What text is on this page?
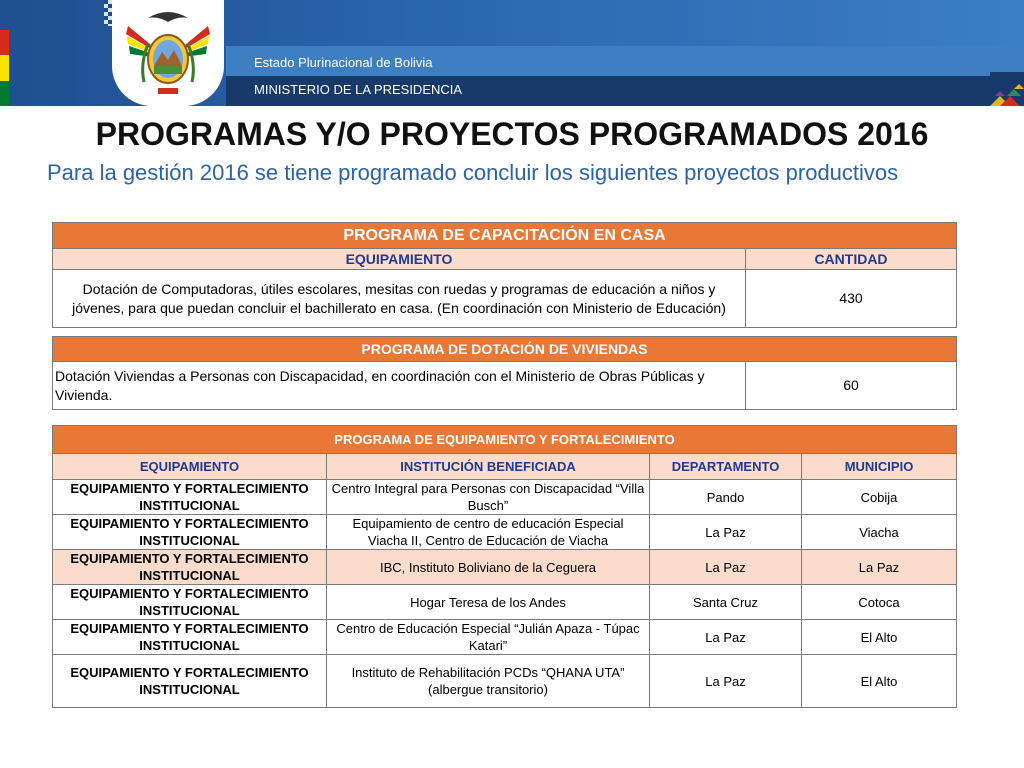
Estado Plurinacional de Bolivia
MINISTERIO DE LA PRESIDENCIA
PROGRAMAS Y/O PROYECTOS PROGRAMADOS 2016
Para la gestión 2016 se tiene programado concluir los siguientes proyectos productivos
PROGRAMA DE CAPACITACIÓN EN CASA	
EQUIPAMIENTO	CANTIDAD
Dotación de Computadoras, útiles escolares, mesitas con ruedas y programas de educación a niños y jóvenes, para que puedan concluir el bachillerato en casa. (En coordinación con Ministerio de Educación)	430
PROGRAMA DE DOTACIÓN DE VIVIENDAS
Dotación Viviendas a Personas con Discapacidad, en coordinación con el Ministerio de Obras Públicas y Vivienda.	60
PROGRAMA DE EQUIPAMIENTO Y FORTALECIMIENTO			
EQUIPAMIENTO	INSTITUCIÓN BENEFICIADA	DEPARTAMENTO	MUNICIPIO
EQUIPAMIENTO Y FORTALECIMIENTO INSTITUCIONAL	Centro Integral para Personas con Discapacidad “Villa Busch”	Pando	Cobija
EQUIPAMIENTO Y FORTALECIMIENTO INSTITUCIONAL	Equipamiento de centro de educación Especial Viacha II, Centro de Educación de Viacha	La Paz	Viacha
EQUIPAMIENTO Y FORTALECIMIENTO INSTITUCIONAL	IBC, Instituto Boliviano de la Ceguera	La Paz	La Paz
EQUIPAMIENTO Y FORTALECIMIENTO INSTITUCIONAL	Hogar Teresa de los Andes	Santa Cruz	Cotoca
EQUIPAMIENTO Y FORTALECIMIENTO INSTITUCIONAL	Centro de Educación Especial “Julián Apaza - Túpac Katari”	La Paz	El Alto
EQUIPAMIENTO Y FORTALECIMIENTO INSTITUCIONAL	Instituto de Rehabilitación PCDs “QHANA UTA” (albergue transitorio)	La Paz	El Alto
